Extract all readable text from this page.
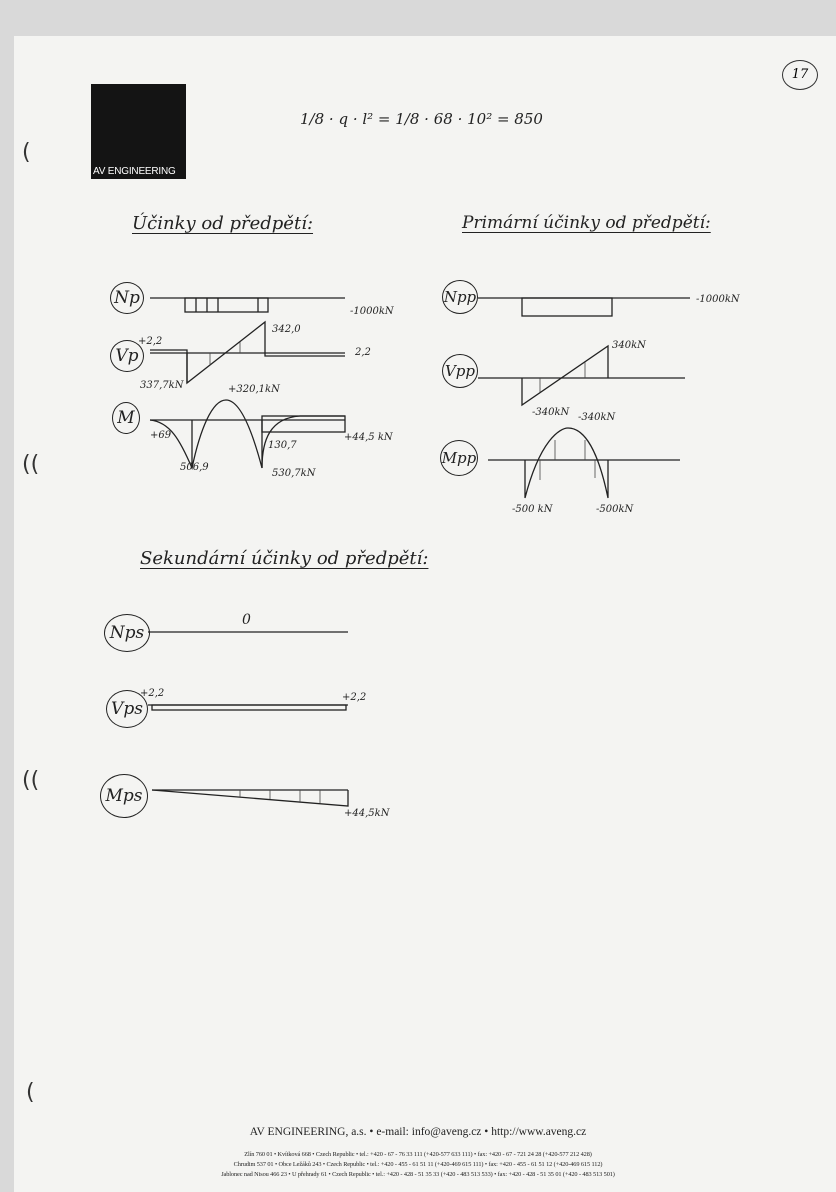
AV ENGINEERING
17
(
((
((
(
1/8 · q · l² = 1/8 · 68 · 10² = 850
Účinky od předpětí:	Primární účinky od předpětí:
Sekundární účinky od předpětí:
Np
Vp
M
-1000kN
+2,2
337,7kN
342,0
2,2
+69
+320,1kN
506,9
130,7
530,7kN
+44,5 kN
Npp
Vpp
Mpp
-1000kN
340kN
-340kN -340kN
-500 kN	-500kN
Nps
Vps
Mps
0
+2,2	+2,2
+44,5kN
AV ENGINEERING, a.s. • e-mail: info@aveng.cz • http://www.aveng.cz
Zlín 760 01 • Kvítková 668 • Czech Republic • tel.: +420 - 67 - 76 33 111 (+420-577 633 111) • fax: +420 - 67 - 721 24 28 (+420-577 212 428)
Chrudim 537 01 • Obce Ležáků 243 • Czech Republic • tel.: +420 - 455 - 61 51 11 (+420-469 615 111) • fax: +420 - 455 - 61 51 12 (+420-469 615 112)
Jablonec nad Nisou 466 23 • U přehrady 61 • Czech Republic • tel.: +420 - 428 - 51 35 33 (+420 - 483 513 533) • fax: +420 - 428 - 51 35 01 (+420 - 483 513 501)
